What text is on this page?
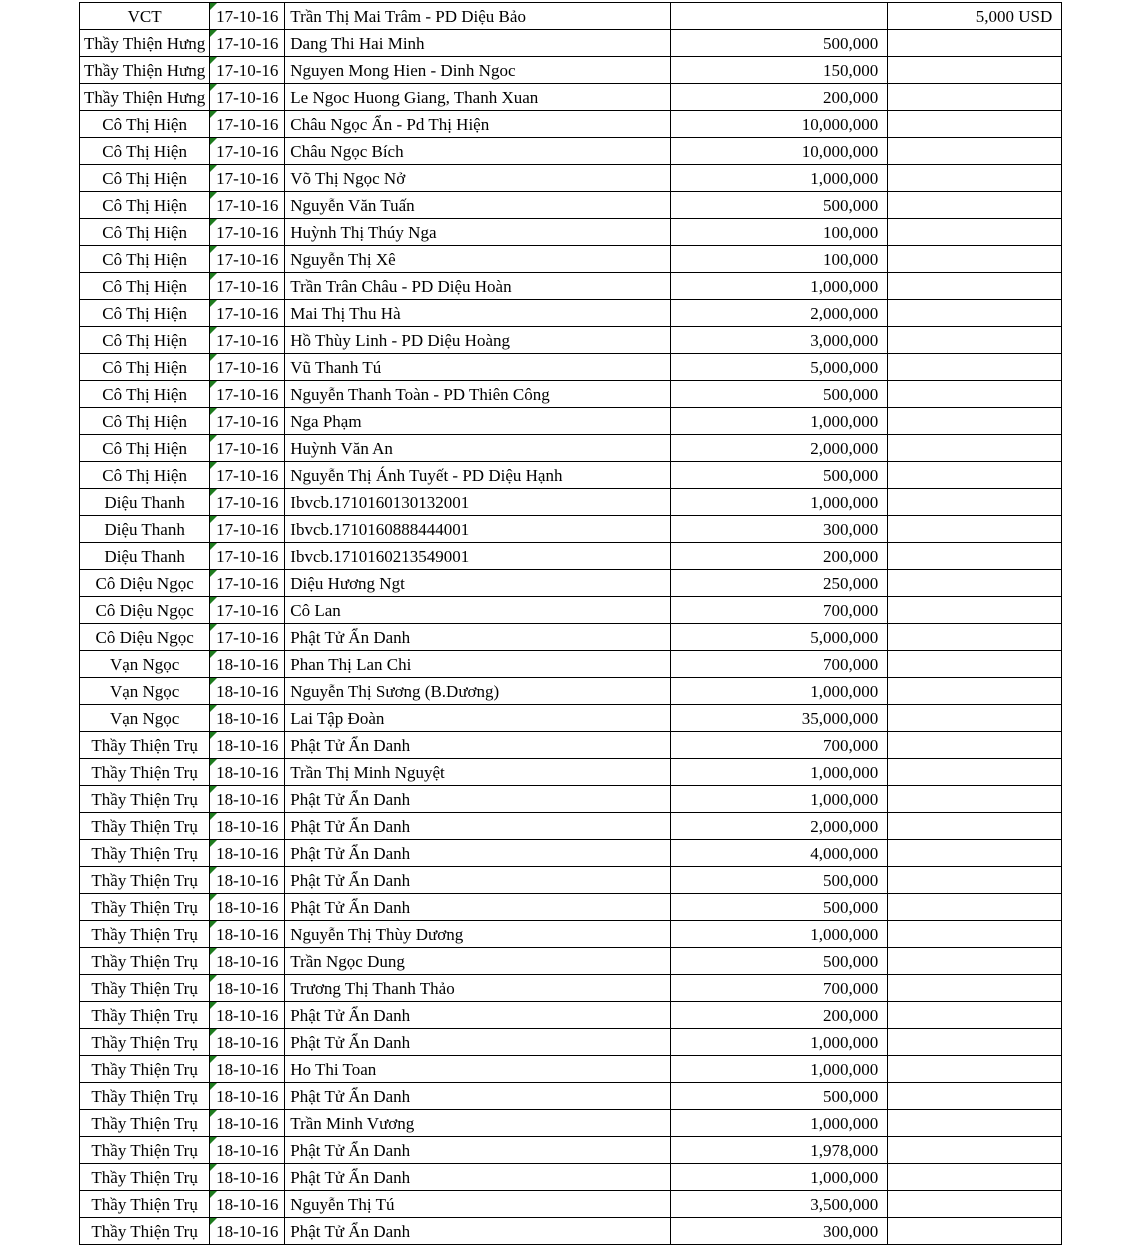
VCT	17-10-16	Trần Thị Mai Trâm - PD Diệu Bảo		5,000 USD

Thầy Thiện Hưng	17-10-16	Dang Thi Hai Minh	500,000	

Thầy Thiện Hưng	17-10-16	Nguyen Mong Hien - Dinh Ngoc	150,000	

Thầy Thiện Hưng	17-10-16	Le Ngoc Huong Giang, Thanh Xuan	200,000	

Cô Thị Hiện	17-10-16	Châu Ngọc Ẩn - Pd Thị Hiện	10,000,000	

Cô Thị Hiện	17-10-16	Châu Ngọc Bích	10,000,000	

Cô Thị Hiện	17-10-16	Võ Thị Ngọc Nở	1,000,000	

Cô Thị Hiện	17-10-16	Nguyễn Văn Tuấn	500,000	

Cô Thị Hiện	17-10-16	Huỳnh Thị Thúy Nga	100,000	

Cô Thị Hiện	17-10-16	Nguyễn Thị Xê	100,000	

Cô Thị Hiện	17-10-16	Trần Trân Châu - PD Diệu Hoàn	1,000,000	

Cô Thị Hiện	17-10-16	Mai Thị Thu Hà	2,000,000	

Cô Thị Hiện	17-10-16	Hồ Thùy Linh - PD Diệu Hoàng	3,000,000	

Cô Thị Hiện	17-10-16	Vũ Thanh Tú	5,000,000	

Cô Thị Hiện	17-10-16	Nguyễn Thanh Toàn - PD Thiên Công	500,000	

Cô Thị Hiện	17-10-16	Nga Phạm	1,000,000	

Cô Thị Hiện	17-10-16	Huỳnh Văn An	2,000,000	

Cô Thị Hiện	17-10-16	Nguyễn Thị Ánh Tuyết - PD Diệu Hạnh	500,000	

Diệu Thanh	17-10-16	Ibvcb.1710160130132001	1,000,000	

Diệu Thanh	17-10-16	Ibvcb.1710160888444001	300,000	

Diệu Thanh	17-10-16	Ibvcb.1710160213549001	200,000	

Cô Diệu Ngọc	17-10-16	Diệu Hương Ngt	250,000	

Cô Diệu Ngọc	17-10-16	Cô Lan	700,000	

Cô Diệu Ngọc	17-10-16	Phật Tử Ẩn Danh	5,000,000	

Vạn Ngọc	18-10-16	Phan Thị Lan Chi	700,000	

Vạn Ngọc	18-10-16	Nguyễn Thị Sương (B.Dương)	1,000,000	

Vạn Ngọc	18-10-16	Lai Tập Đoàn	35,000,000	

Thầy Thiện Trụ	18-10-16	Phật Tử Ẩn Danh	700,000	

Thầy Thiện Trụ	18-10-16	Trần Thị Minh Nguyệt	1,000,000	

Thầy Thiện Trụ	18-10-16	Phật Tử Ẩn Danh	1,000,000	

Thầy Thiện Trụ	18-10-16	Phật Tử Ẩn Danh	2,000,000	

Thầy Thiện Trụ	18-10-16	Phật Tử Ẩn Danh	4,000,000	

Thầy Thiện Trụ	18-10-16	Phật Tử Ẩn Danh	500,000	

Thầy Thiện Trụ	18-10-16	Phật Tử Ẩn Danh	500,000	

Thầy Thiện Trụ	18-10-16	Nguyễn Thị Thùy Dương	1,000,000	

Thầy Thiện Trụ	18-10-16	Trần Ngọc Dung	500,000	

Thầy Thiện Trụ	18-10-16	Trương Thị Thanh Thảo	700,000	

Thầy Thiện Trụ	18-10-16	Phật Tử Ẩn Danh	200,000	

Thầy Thiện Trụ	18-10-16	Phật Tử Ẩn Danh	1,000,000	

Thầy Thiện Trụ	18-10-16	Ho Thi Toan	1,000,000	

Thầy Thiện Trụ	18-10-16	Phật Tử Ẩn Danh	500,000	

Thầy Thiện Trụ	18-10-16	Trần Minh Vương	1,000,000	

Thầy Thiện Trụ	18-10-16	Phật Tử Ẩn Danh	1,978,000	

Thầy Thiện Trụ	18-10-16	Phật Tử Ẩn Danh	1,000,000	

Thầy Thiện Trụ	18-10-16	Nguyễn Thị Tú	3,500,000	

Thầy Thiện Trụ	18-10-16	Phật Tử Ẩn Danh	300,000	
